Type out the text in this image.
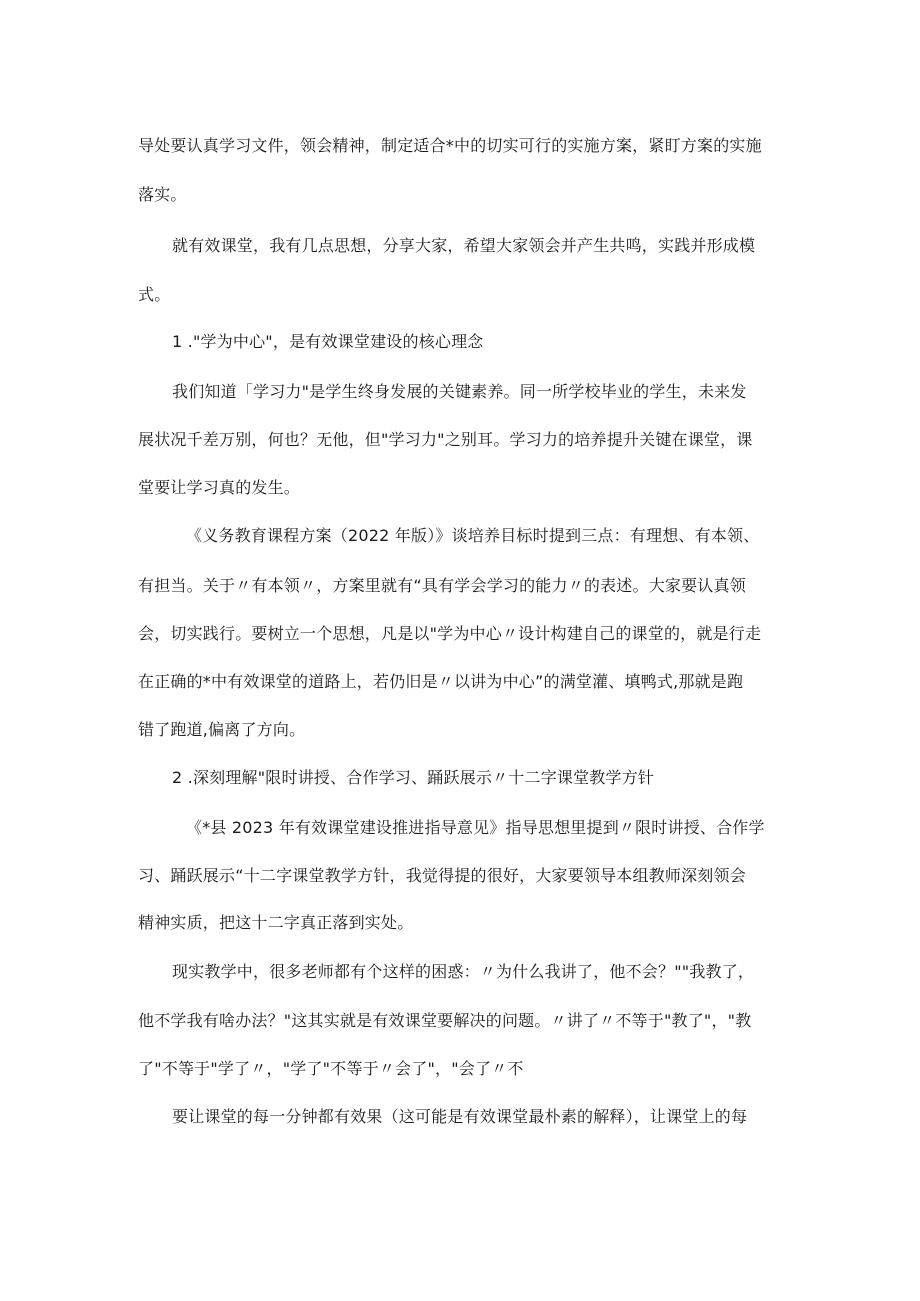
导处要认真学习文件，领会精神，制定适合*中的切实可行的实施方案，紧盯方案的实施
落实。
就有效课堂，我有几点思想，分享大家，希望大家领会并产生共鸣，实践并形成模
式。
1 ."学为中心"，是有效课堂建设的核心理念
我们知道「学习力"是学生终身发展的关键素养。同一所学校毕业的学生，未来发
展状况千差万别，何也？无他，但"学习力"之别耳。学习力的培养提升关键在课堂，课
堂要让学习真的发生。
《义务教育课程方案（2022 年版）》谈培养目标时提到三点：有理想、有本领、
有担当。关于〃有本领〃，方案里就有“具有学会学习的能力〃的表述。大家要认真领
会，切实践行。要树立一个思想，凡是以"学为中心〃设计构建自己的课堂的，就是行走
在正确的*中有效课堂的道路上，若仍旧是〃以讲为中心”的满堂灌、填鸭式,那就是跑
错了跑道,偏离了方向。
2 .深刻理解"限时讲授、合作学习、踊跃展示〃十二字课堂教学方针
《*县 2023 年有效课堂建设推进指导意见》指导思想里提到〃限时讲授、合作学
习、踊跃展示“十二字课堂教学方针，我觉得提的很好，大家要领导本组教师深刻领会
精神实质，把这十二字真正落到实处。
现实教学中，很多老师都有个这样的困惑：〃为什么我讲了，他不会？""我教了，
他不学我有啥办法？"这其实就是有效课堂要解决的问题。〃讲了〃不等于"教了"，"教
了"不等于"学了〃，"学了"不等于〃会了"，"会了〃不
要让课堂的每一分钟都有效果（这可能是有效课堂最朴素的解释），让课堂上的每
